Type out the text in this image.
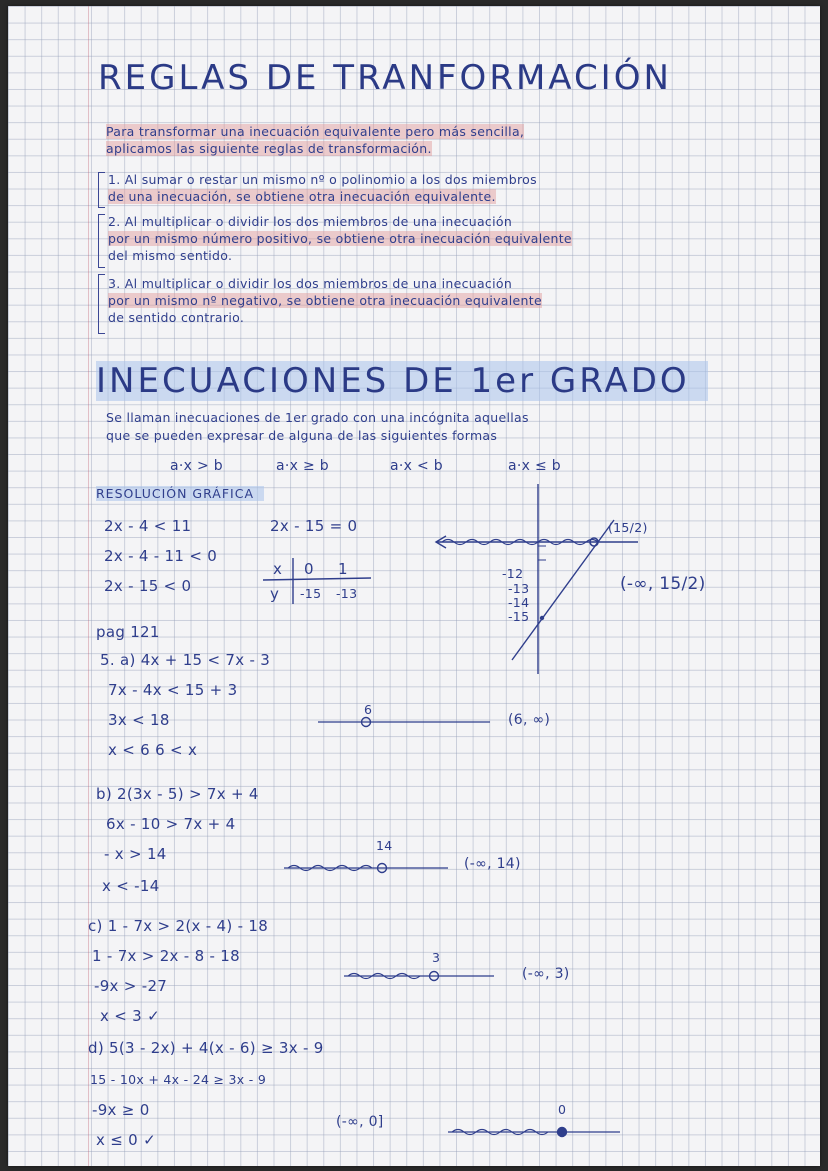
REGLAS DE TRANFORMACIÓN
Para transformar una inecuación equivalente pero más sencilla,
aplicamos las siguiente reglas de transformación.
1. Al sumar o restar un mismo nº o polinomio a los dos miembros
de una inecuación, se obtiene otra inecuación equivalente.
2. Al multiplicar o dividir los dos miembros de una inecuación
por un mismo número positivo, se obtiene otra inecuación equivalente
del mismo sentido.
3. Al multiplicar o dividir los dos miembros de una inecuación
por un mismo nº negativo, se obtiene otra inecuación equivalente
de sentido contrario.
INECUACIONES DE 1er GRADO
Se llaman inecuaciones de 1er grado con una incógnita aquellas
que se pueden expresar de alguna de las siguientes formas
a·x > b	a·x ≥ b	a·x < b	a·x ≤ b
RESOLUCIÓN GRÁFICA
2x - 4 < 11
2x - 4 - 11 < 0
2x - 15 < 0
2x - 15 = 0
x 0 1
y -15 -13
-12
-13
-14
-15
(15/2)
(-∞, 15/2)
pag 121
5. a) 4x + 15 < 7x - 3
7x - 4x < 15 + 3
3x < 18
x < 6 6 < x
6
(6, ∞)
b) 2(3x - 5) > 7x + 4
6x - 10 > 7x + 4
- x > 14
x < -14
14
(-∞, 14)
c) 1 - 7x > 2(x - 4) - 18
1 - 7x > 2x - 8 - 18
-9x > -27
x < 3 ✓
3
(-∞, 3)
d) 5(3 - 2x) + 4(x - 6) ≥ 3x - 9
15 - 10x + 4x - 24 ≥ 3x - 9
-9x ≥ 0
x ≤ 0 ✓
(-∞, 0]
0
